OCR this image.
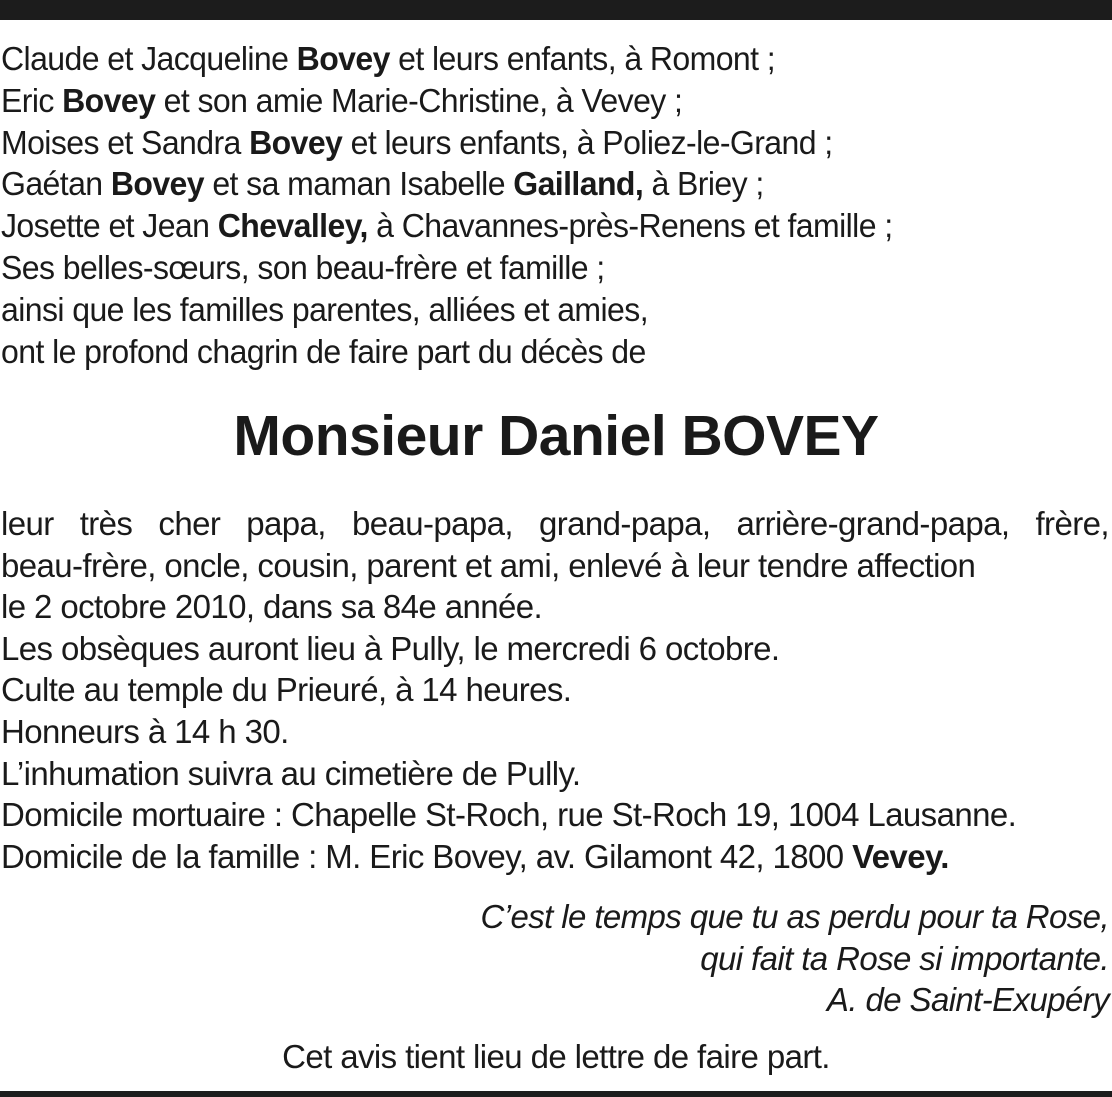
Claude et Jacqueline Bovey et leurs enfants, à Romont ;
Eric Bovey et son amie Marie-Christine, à Vevey ;
Moises et Sandra Bovey et leurs enfants, à Poliez-le-Grand ;
Gaétan Bovey et sa maman Isabelle Gailland, à Briey ;
Josette et Jean Chevalley, à Chavannes-près-Renens et famille ;
Ses belles-sœurs, son beau-frère et famille ;
ainsi que les familles parentes, alliées et amies,
ont le profond chagrin de faire part du décès de
Monsieur Daniel BOVEY
leur très cher papa, beau-papa, grand-papa, arrière-grand-papa, frère,
beau-frère, oncle, cousin, parent et ami, enlevé à leur tendre affection
le 2 octobre 2010, dans sa 84e année.
Les obsèques auront lieu à Pully, le mercredi 6 octobre.
Culte au temple du Prieuré, à 14 heures.
Honneurs à 14 h 30.
L’inhumation suivra au cimetière de Pully.
Domicile mortuaire : Chapelle St-Roch, rue St-Roch 19, 1004 Lausanne.
Domicile de la famille : M. Eric Bovey, av. Gilamont 42, 1800 Vevey.
C’est le temps que tu as perdu pour ta Rose,
qui fait ta Rose si importante.
A. de Saint-Exupéry
Cet avis tient lieu de lettre de faire part.
